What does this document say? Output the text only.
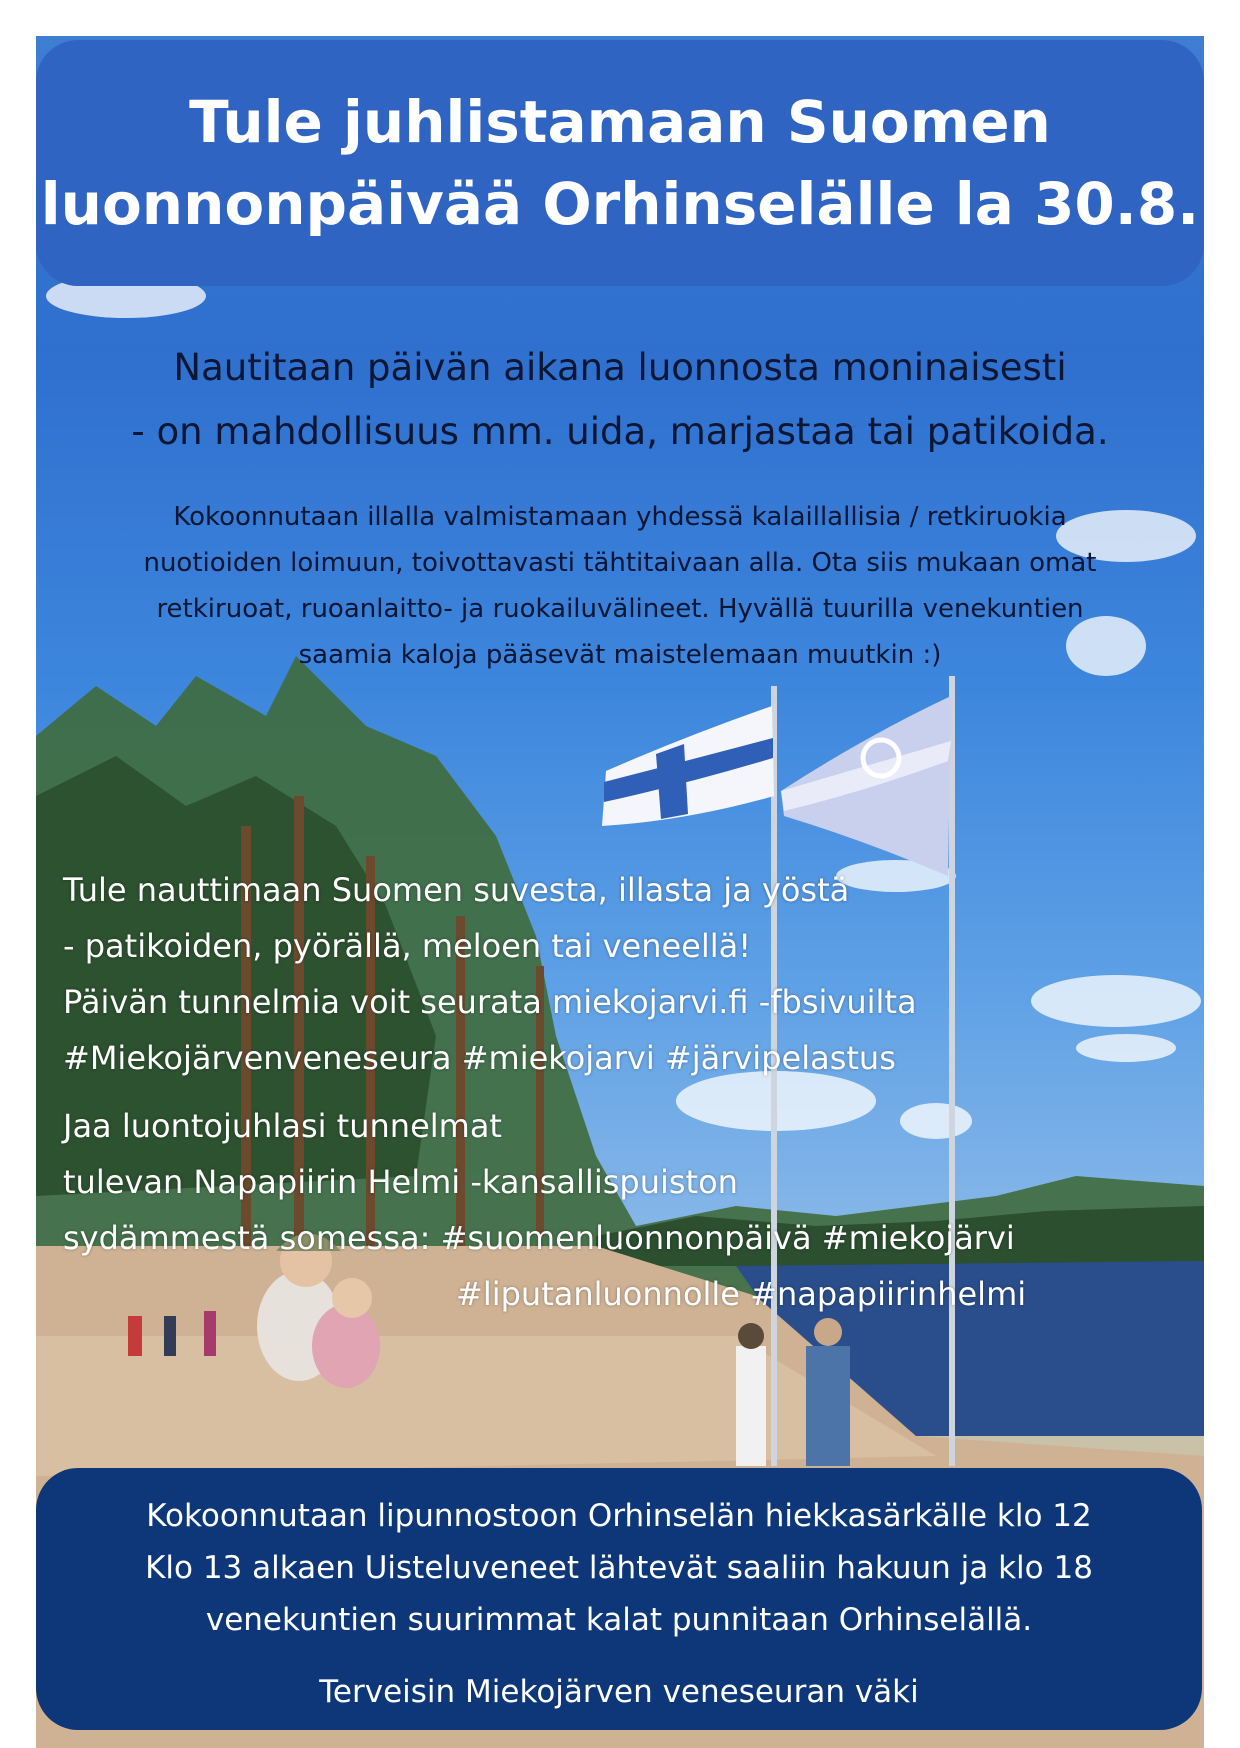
Tule juhlistamaan Suomen
luonnonpäivää Orhinselälle la 30.8.
Nautitaan päivän aikana luonnosta moninaisesti
- on mahdollisuus mm. uida, marjastaa tai patikoida.
Kokoonnutaan illalla valmistamaan yhdessä kalaillallisia / retkiruokia
nuotioiden loimuun, toivottavasti tähtitaivaan alla. Ota siis mukaan omat
retkiruoat, ruoanlaitto- ja ruokailuvälineet. Hyvällä tuurilla venekuntien
saamia kaloja pääsevät maistelemaan muutkin :)
Tule nauttimaan Suomen suvesta, illasta ja yöstä
- patikoiden, pyörällä, meloen tai veneellä!
Päivän tunnelmia voit seurata miekojarvi.fi -fbsivuilta
#Miekojärvenveneseura #miekojarvi #järvipelastus
Jaa luontojuhlasi tunnelmat
tulevan Napapiirin Helmi -kansallispuiston
sydämmestä somessa: #suomenluonnonpäivä #miekojärvi
#liputanluonnolle #napapiirinhelmi
Kokoonnutaan lipunnostoon Orhinselän hiekkasärkälle klo 12
Klo 13 alkaen Uisteluveneet lähtevät saaliin hakuun ja klo 18
venekuntien suurimmat kalat punnitaan Orhinselällä.
Terveisin Miekojärven veneseuran väki
